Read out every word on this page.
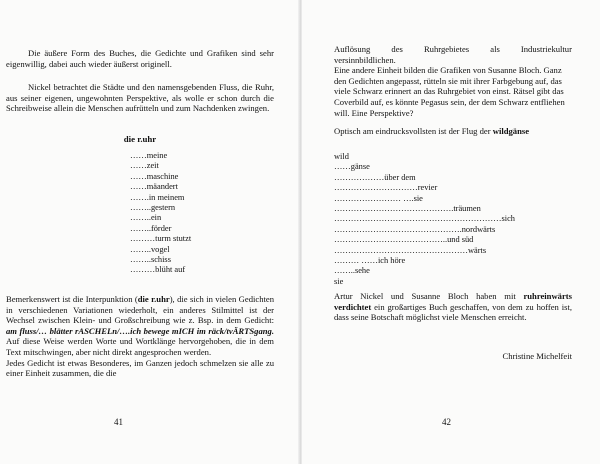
Die äußere Form des Buches, die Gedichte und Grafiken sind sehr eigenwillig, dabei auch wieder äußerst originell.

Nickel betrachtet die Städte und den namensgebenden Fluss, die Ruhr, aus seiner eigenen, ungewohnten Perspektive, als wolle er schon durch die Schreibweise allein die Menschen aufrütteln und zum Nachdenken zwingen.

die r.uhr
……meine
……zeit
……maschine
……mäandert
…….in meinem
……..gestern
……..ein
……..förder
………turm stutzt
……..vogel
……..schiss
………blüht auf

Bemerkenswert ist die Interpunktion (die r.uhr), die sich in vielen Gedichten in verschiedenen Variationen wiederholt, ein anderes Stilmittel ist der Wechsel zwischen Klein- und Großschreibung wie z. Bsp. in dem Gedicht: am fluss/… blätter rASCHELn/….ich bewege mICH im räck/tvÄRTSgang. Auf diese Weise werden Worte und Wortklänge hervorgehoben, die in dem Text mitschwingen, aber nicht direkt angesprochen werden.

Jedes Gedicht ist etwas Besonderes, im Ganzen jedoch schmelzen sie alle zu einer Einheit zusammen, die die

41
Auflösung des Ruhrgebietes als Industriekultur

versinnbildlichen.

Eine andere Einheit bilden die Grafiken von Susanne Bloch. Ganz den Gedichten angepasst, rütteln sie mit ihrer Farbgebung auf, das viele Schwarz erinnert an das Ruhrgebiet von einst. Rätsel gibt das Coverbild auf, es könnte Pegasus sein, der dem Schwarz entfliehen will. Eine Perspektive?

Optisch am eindrucksvollsten ist der Flug der wildgänse

wild
……gänse
………………über dem
…………………………revier
…………………… ….sie
…………………………………….träumen
……………………………………………………sich
……………………………………….nordwärts
…………………………………..und süd
…………………………………………wärts
……… ……ich höre
……..sehe
sie

Artur Nickel und Susanne Bloch haben mit ruhreinwärts verdichtet ein großartiges Buch geschaffen, von dem zu hoffen ist, dass seine Botschaft möglichst viele Menschen erreicht.

Christine Michelfeit
42
